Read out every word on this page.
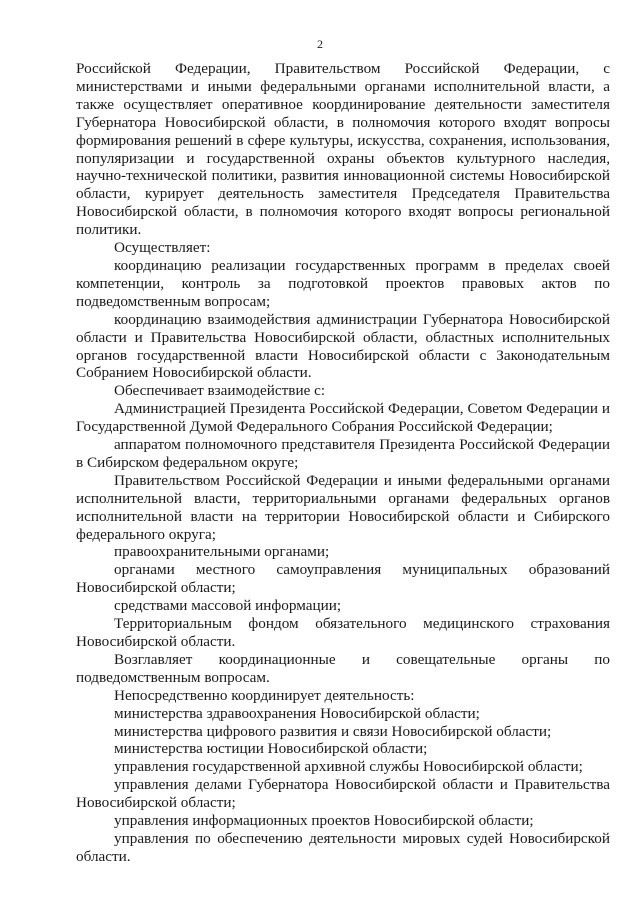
2

Российской Федерации, Правительством Российской Федерации, с министерствами и иными федеральными органами исполнительной власти, а также осуществляет оперативное координирование деятельности заместителя Губернатора Новосибирской области, в полномочия которого входят вопросы формирования решений в сфере культуры, искусства, сохранения, использования, популяризации и государственной охраны объектов культурного наследия, научно-технической политики, развития инновационной системы Новосибирской области, курирует деятельность заместителя Председателя Правительства Новосибирской области, в полномочия которого входят вопросы региональной политики.

Осуществляет:

координацию реализации государственных программ в пределах своей компетенции, контроль за подготовкой проектов правовых актов по подведомственным вопросам;

координацию взаимодействия администрации Губернатора Новосибирской области и Правительства Новосибирской области, областных исполнительных органов государственной власти Новосибирской области с Законодательным Собранием Новосибирской области.

Обеспечивает взаимодействие с:

Администрацией Президента Российской Федерации, Советом Федерации и Государственной Думой Федерального Собрания Российской Федерации;

аппаратом полномочного представителя Президента Российской Федерации в Сибирском федеральном округе;

Правительством Российской Федерации и иными федеральными органами исполнительной власти, территориальными органами федеральных органов исполнительной власти на территории Новосибирской области и Сибирского федерального округа;

правоохранительными органами;

органами местного самоуправления муниципальных образований Новосибирской области;

средствами массовой информации;

Территориальным фондом обязательного медицинского страхования Новосибирской области.

Возглавляет координационные и совещательные органы по подведомственным вопросам.

Непосредственно координирует деятельность:

министерства здравоохранения Новосибирской области;

министерства цифрового развития и связи Новосибирской области;

министерства юстиции Новосибирской области;

управления государственной архивной службы Новосибирской области;

управления делами Губернатора Новосибирской области и Правительства Новосибирской области;

управления информационных проектов Новосибирской области;

управления по обеспечению деятельности мировых судей Новосибирской области.
